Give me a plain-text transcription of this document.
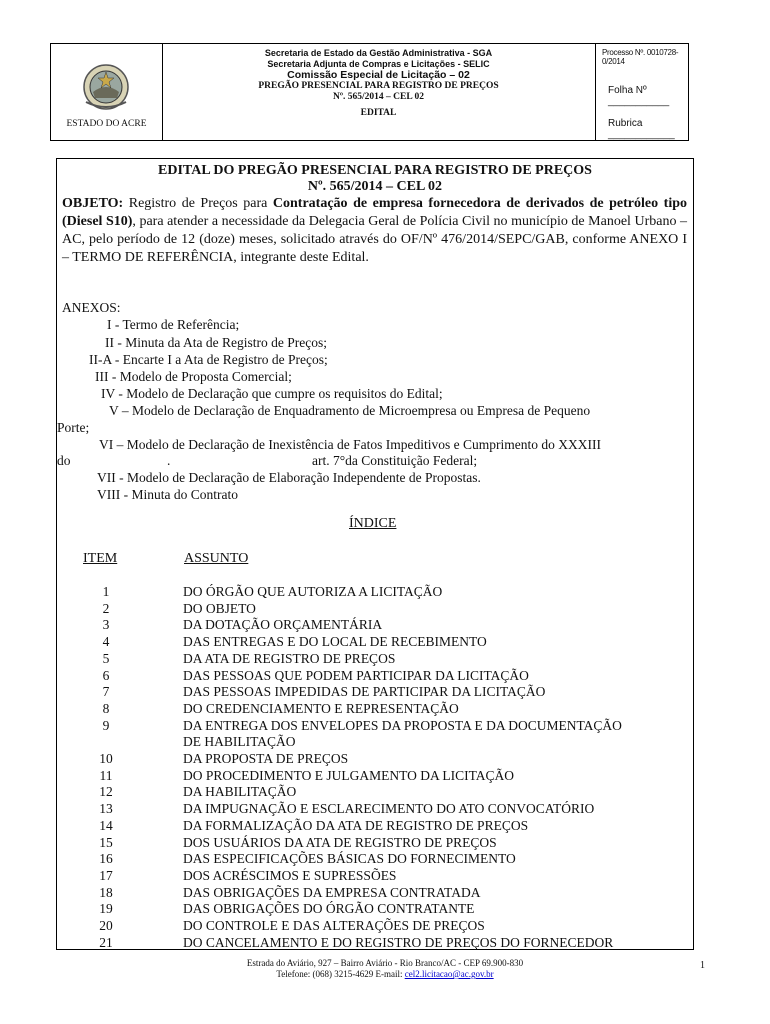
ESTADO DO ACRE
Secretaria de Estado da Gestão Administrativa - SGA
Secretaria Adjunta de Compras e Licitações - SELIC
Comissão Especial de Licitação – 02
PREGÃO PRESENCIAL PARA REGISTRO DE PREÇOS
Nº. 565/2014 – CEL 02
EDITAL
Processo Nº. 0010728-0/2014
Folha Nº ___________
Rubrica ____________
EDITAL DO PREGÃO PRESENCIAL PARA REGISTRO DE PREÇOS
Nº. 565/2014 – CEL 02
OBJETO: Registro de Preços para Contratação de empresa fornecedora de derivados de petróleo tipo (Diesel S10), para atender a necessidade da Delegacia Geral de Polícia Civil no município de Manoel Urbano – AC, pelo período de 12 (doze) meses, solicitado através do OF/Nº 476/2014/SEPC/GAB, conforme ANEXO I – TERMO DE REFERÊNCIA, integrante deste Edital.
ANEXOS:
I - Termo de Referência;
II - Minuta da Ata de Registro de Preços;
II-A - Encarte I a Ata de Registro de Preços;
III - Modelo de Proposta Comercial;
IV - Modelo de Declaração que cumpre os requisitos do Edital;
V – Modelo de Declaração de Enquadramento de Microempresa ou Empresa de Pequeno
Porte;
VI – Modelo de Declaração de Inexistência de Fatos Impeditivos e Cumprimento do XXXIII
do	.	art. 7°da Constituição Federal;
VII - Modelo de Declaração de Elaboração Independente de Propostas.
VIII - Minuta do Contrato
ÍNDICE
ITEM	ASSUNTO
1	DO ÓRGÃO QUE AUTORIZA A LICITAÇÃO
2	DO OBJETO
3	DA DOTAÇÃO ORÇAMENTÁRIA
4	DAS ENTREGAS E DO LOCAL DE RECEBIMENTO
5	DA ATA DE REGISTRO DE PREÇOS
6	DAS PESSOAS QUE PODEM PARTICIPAR DA LICITAÇÃO
7	DAS PESSOAS IMPEDIDAS DE PARTICIPAR DA LICITAÇÃO
8	DO CREDENCIAMENTO E REPRESENTAÇÃO
9	DA ENTREGA DOS ENVELOPES DA PROPOSTA E DA DOCUMENTAÇÃO
DE HABILITAÇÃO
10	DA PROPOSTA DE PREÇOS
11	DO PROCEDIMENTO E JULGAMENTO DA LICITAÇÃO
12	DA HABILITAÇÃO
13	DA IMPUGNAÇÃO E ESCLARECIMENTO DO ATO CONVOCATÓRIO
14	DA FORMALIZAÇÃO DA ATA DE REGISTRO DE PREÇOS
15	DOS USUÁRIOS DA ATA DE REGISTRO DE PREÇOS
16	DAS ESPECIFICAÇÕES BÁSICAS DO FORNECIMENTO
17	DOS ACRÉSCIMOS E SUPRESSÕES
18	DAS OBRIGAÇÕES DA EMPRESA CONTRATADA
19	DAS OBRIGAÇÕES DO ÓRGÃO CONTRATANTE
20	DO CONTROLE E DAS ALTERAÇÕES DE PREÇOS
21	DO CANCELAMENTO E DO REGISTRO DE PREÇOS DO FORNECEDOR
Estrada do Aviário, 927 – Bairro Aviário - Rio Branco/AC - CEP 69.900-830
Telefone: (068) 3215-4629 E-mail: cel2.licitacao@ac.gov.br
1
